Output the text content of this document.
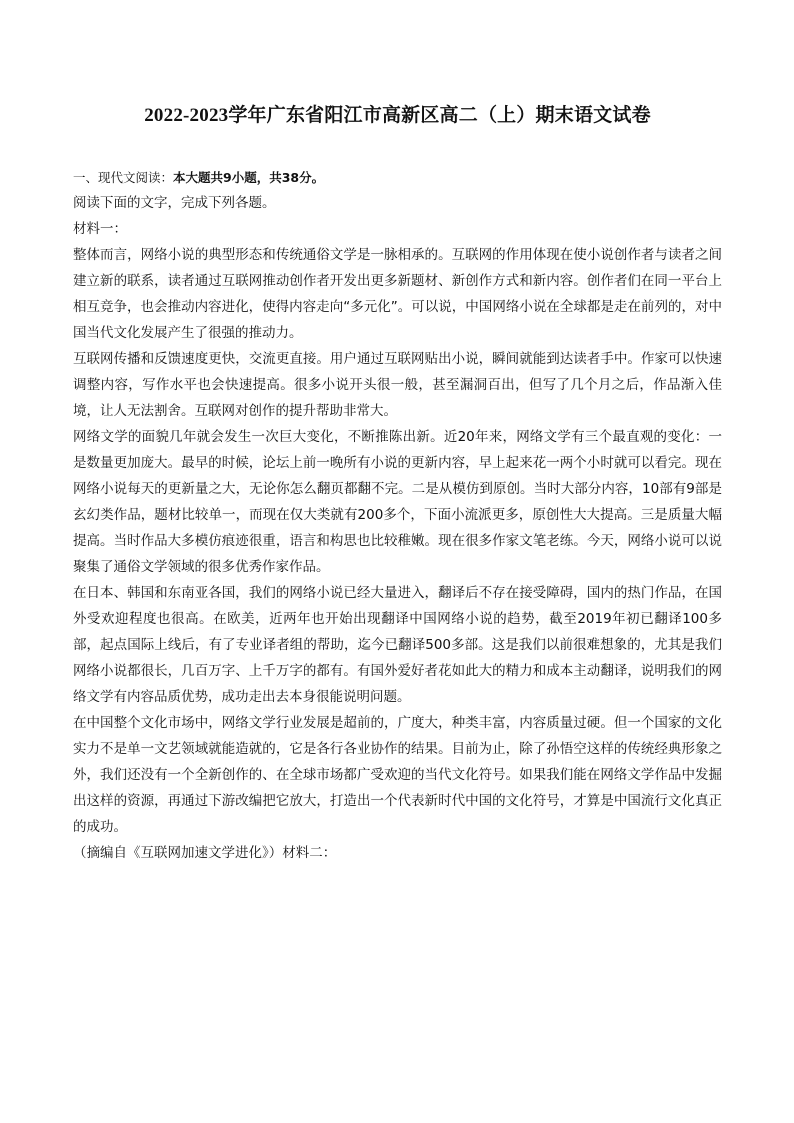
2022-2023学年广东省阳江市高新区高二（上）期末语文试卷

一、现代文阅读：本大题共9小题，共38分。

阅读下面的文字，完成下列各题。

材料一：

整体而言，网络小说的典型形态和传统通俗文学是一脉相承的。互联网的作用体现在使小说创作者与读者之间建立新的联系，读者通过互联网推动创作者开发出更多新题材、新创作方式和新内容。创作者们在同一平台上相互竞争，也会推动内容进化，使得内容走向“多元化”。可以说，中国网络小说在全球都是走在前列的，对中国当代文化发展产生了很强的推动力。

互联网传播和反馈速度更快，交流更直接。用户通过互联网贴出小说，瞬间就能到达读者手中。作家可以快速调整内容，写作水平也会快速提高。很多小说开头很一般，甚至漏洞百出，但写了几个月之后，作品渐入佳境，让人无法割舍。互联网对创作的提升帮助非常大。

网络文学的面貌几年就会发生一次巨大变化，不断推陈出新。近20年来，网络文学有三个最直观的变化：一是数量更加庞大。最早的时候，论坛上前一晚所有小说的更新内容，早上起来花一两个小时就可以看完。现在网络小说每天的更新量之大，无论你怎么翻页都翻不完。二是从模仿到原创。当时大部分内容，10部有9部是玄幻类作品，题材比较单一，而现在仅大类就有200多个，下面小流派更多，原创性大大提高。三是质量大幅提高。当时作品大多模仿痕迹很重，语言和构思也比较稚嫩。现在很多作家文笔老练。今天，网络小说可以说聚集了通俗文学领域的很多优秀作家作品。

在日本、韩国和东南亚各国，我们的网络小说已经大量进入，翻译后不存在接受障碍，国内的热门作品，在国外受欢迎程度也很高。在欧美，近两年也开始出现翻译中国网络小说的趋势，截至2019年初已翻译100多部，起点国际上线后，有了专业译者组的帮助，迄今已翻译500多部。这是我们以前很难想象的，尤其是我们网络小说都很长，几百万字、上千万字的都有。有国外爱好者花如此大的精力和成本主动翻译，说明我们的网络文学有内容品质优势，成功走出去本身很能说明问题。

在中国整个文化市场中，网络文学行业发展是超前的，广度大，种类丰富，内容质量过硬。但一个国家的文化实力不是单一文艺领域就能造就的，它是各行各业协作的结果。目前为止，除了孙悟空这样的传统经典形象之外，我们还没有一个全新创作的、在全球市场都广受欢迎的当代文化符号。如果我们能在网络文学作品中发掘出这样的资源，再通过下游改编把它放大，打造出一个代表新时代中国的文化符号，才算是中国流行文化真正的成功。

（摘编自《互联网加速文学进化》）材料二：
